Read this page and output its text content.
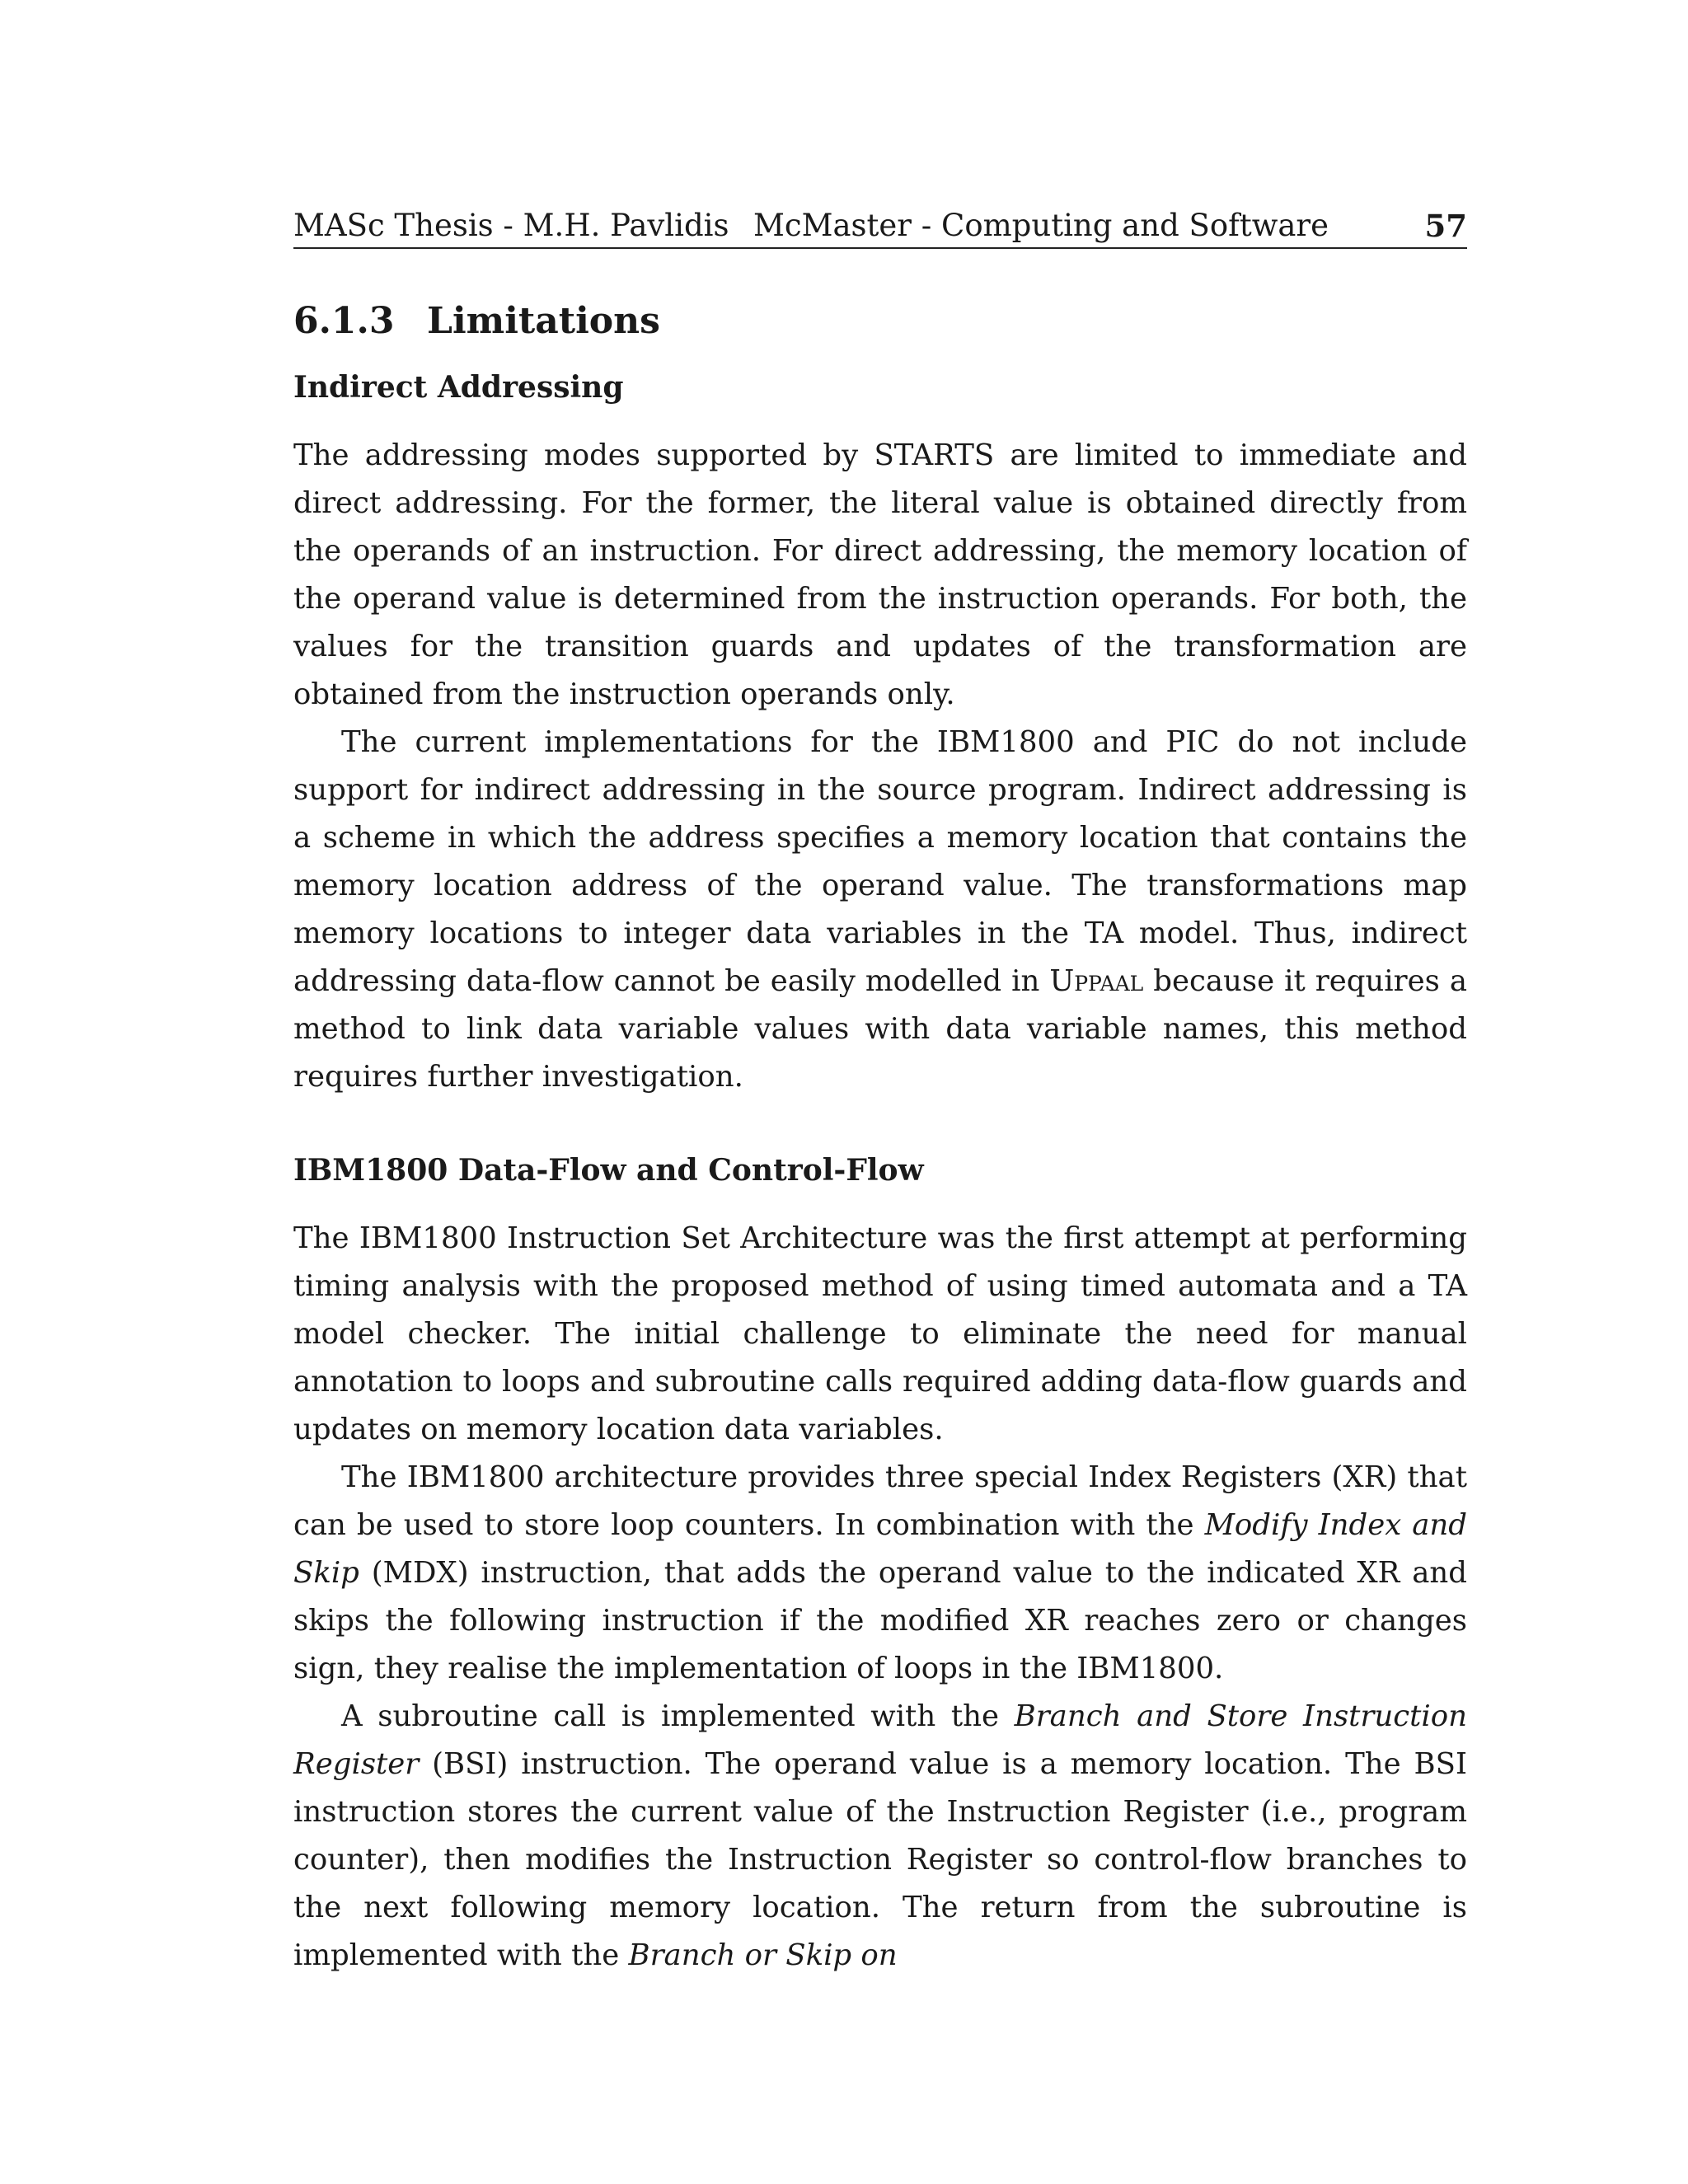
MASc Thesis - M.H. Pavlidis McMaster - Computing and Software	57
6.1.3 Limitations
Indirect Addressing

The addressing modes supported by STARTS are limited to immediate and direct addressing. For the former, the literal value is obtained directly from the operands of an instruction. For direct addressing, the memory location of the operand value is determined from the instruction operands. For both, the values for the transition guards and updates of the transformation are obtained from the instruction operands only.

The current implementations for the IBM1800 and PIC do not include support for indirect addressing in the source program. Indirect addressing is a scheme in which the address specifies a memory location that contains the memory location address of the operand value. The transformations map memory locations to integer data variables in the TA model. Thus, indirect addressing data-flow cannot be easily modelled in Uppaal because it requires a method to link data variable values with data variable names, this method requires further investigation.

IBM1800 Data-Flow and Control-Flow

The IBM1800 Instruction Set Architecture was the first attempt at performing timing analysis with the proposed method of using timed automata and a TA model checker. The initial challenge to eliminate the need for manual annotation to loops and subroutine calls required adding data-flow guards and updates on memory location data variables.

The IBM1800 architecture provides three special Index Registers (XR) that can be used to store loop counters. In combination with the Modify Index and Skip (MDX) instruction, that adds the operand value to the indicated XR and skips the following instruction if the modified XR reaches zero or changes sign, they realise the implementation of loops in the IBM1800.

A subroutine call is implemented with the Branch and Store Instruction Register (BSI) instruction. The operand value is a memory location. The BSI instruction stores the current value of the Instruction Register (i.e., program counter), then modifies the Instruction Register so control-flow branches to the next following memory location. The return from the subroutine is implemented with the Branch or Skip on
